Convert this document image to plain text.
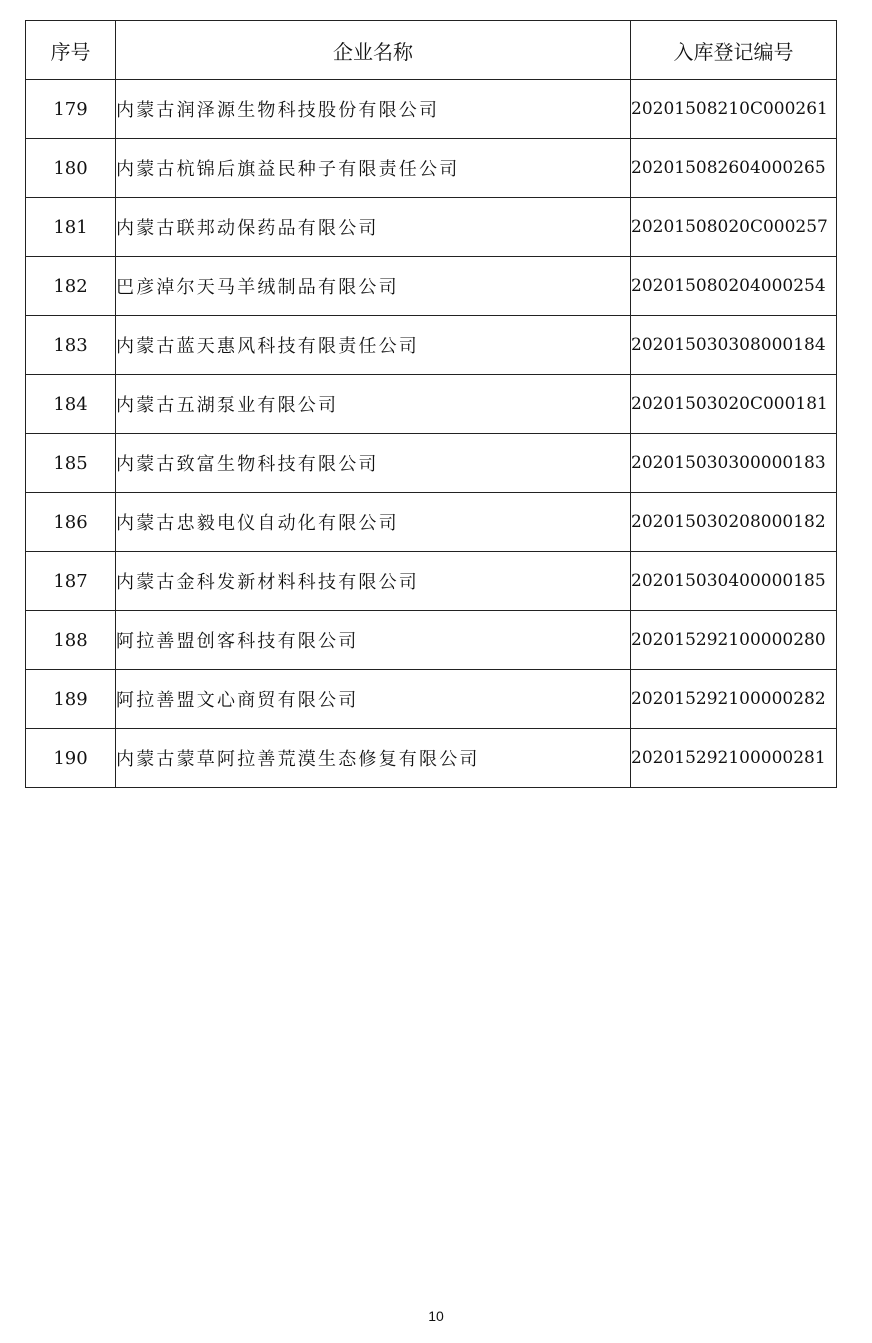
序号	企业名称	入库登记编号
179	内蒙古润泽源生物科技股份有限公司	20201508210C000261
180	内蒙古杭锦后旗益民种子有限责任公司	202015082604000265
181	内蒙古联邦动保药品有限公司	20201508020C000257
182	巴彦淖尔天马羊绒制品有限公司	202015080204000254
183	内蒙古蓝天惠风科技有限责任公司	202015030308000184
184	内蒙古五湖泵业有限公司	20201503020C000181
185	内蒙古致富生物科技有限公司	202015030300000183
186	内蒙古忠毅电仪自动化有限公司	202015030208000182
187	内蒙古金科发新材料科技有限公司	202015030400000185
188	阿拉善盟创客科技有限公司	202015292100000280
189	阿拉善盟文心商贸有限公司	202015292100000282
190	内蒙古蒙草阿拉善荒漠生态修复有限公司	202015292100000281
10
